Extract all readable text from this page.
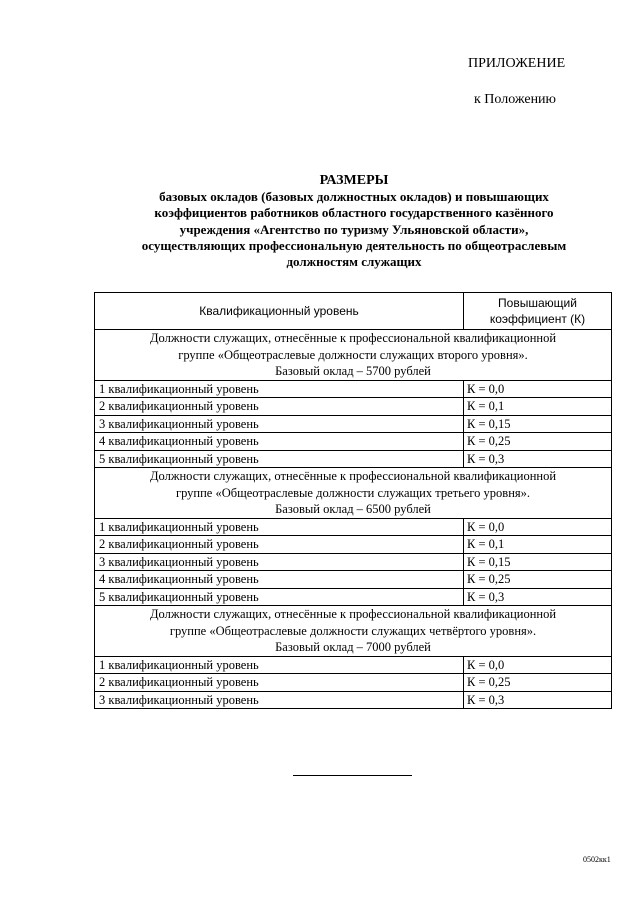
ПРИЛОЖЕНИЕ
к Положению
РАЗМЕРЫ
базовых окладов (базовых должностных окладов) и повышающих
коэффициентов работников областного государственного казённого
учреждения «Агентство по туризму Ульяновской области»,
осуществляющих профессиональную деятельность по общеотраслевым
должностям служащих
Квалификационный уровень	Повышающий
коэффициент (К)

Должности служащих, отнесённые к профессиональной квалификационной
группе «Общеотраслевые должности служащих второго уровня».
Базовый оклад – 5700 рублей	

1 квалификационный уровень	К = 0,0
2 квалификационный уровень	К = 0,1
3 квалификационный уровень	К = 0,15
4 квалификационный уровень	К = 0,25
5 квалификационный уровень	К = 0,3

Должности служащих, отнесённые к профессиональной квалификационной
группе «Общеотраслевые должности служащих третьего уровня».
Базовый оклад – 6500 рублей	

1 квалификационный уровень	К = 0,0
2 квалификационный уровень	К = 0,1
3 квалификационный уровень	К = 0,15
4 квалификационный уровень	К = 0,25
5 квалификационный уровень	К = 0,3

Должности служащих, отнесённые к профессиональной квалификационной
группе «Общеотраслевые должности служащих четвёртого уровня».
Базовый оклад – 7000 рублей	

1 квалификационный уровень	К = 0,0
2 квалификационный уровень	К = 0,25
3 квалификационный уровень	К = 0,3
0502кк1
